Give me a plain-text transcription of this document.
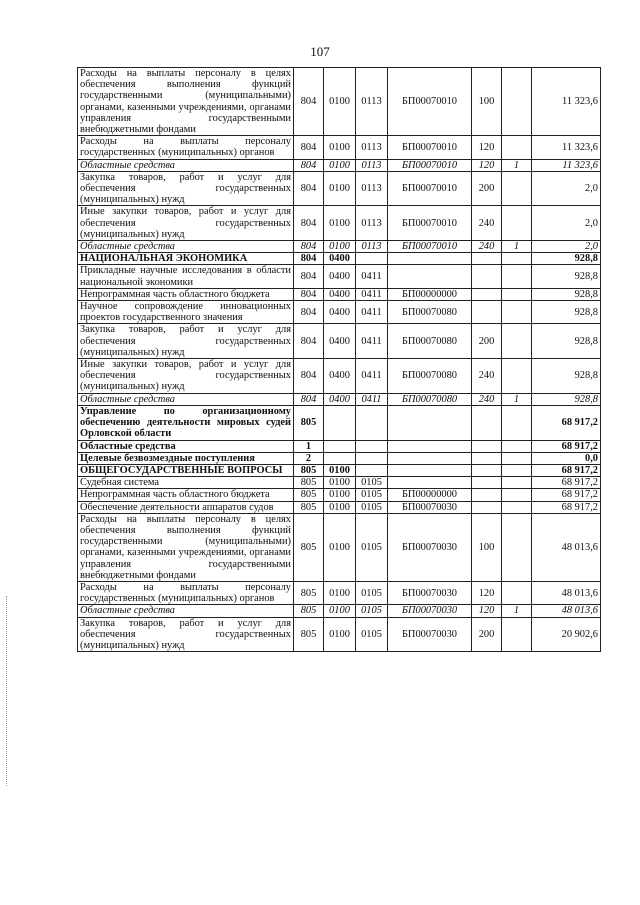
107
Расходы на выплаты персоналу в целях обеспечения выполнения функций государственными (муниципальными) органами, казенными учреждениями, органами управления государственными внебюджетными фондами	804	0100	0113	БП00070010	100		11 323,6
Расходы на выплаты персоналу государственных (муниципальных) органов	804	0100	0113	БП00070010	120		11 323,6
Областные средства	804	0100	0113	БП00070010	120	1	11 323,6
Закупка товаров, работ и услуг для обеспечения государственных (муниципальных) нужд	804	0100	0113	БП00070010	200		2,0
Иные закупки товаров, работ и услуг для обеспечения государственных (муниципальных) нужд	804	0100	0113	БП00070010	240		2,0
Областные средства	804	0100	0113	БП00070010	240	1	2,0
НАЦИОНАЛЬНАЯ ЭКОНОМИКА	804	0400					928,8
Прикладные научные исследования в области национальной экономики	804	0400	0411				928,8
Непрограммная часть областного бюджета	804	0400	0411	БП00000000			928,8
Научное сопровождение инновационных проектов государственного значения	804	0400	0411	БП00070080			928,8
Закупка товаров, работ и услуг для обеспечения государственных (муниципальных) нужд	804	0400	0411	БП00070080	200		928,8
Иные закупки товаров, работ и услуг для обеспечения государственных (муниципальных) нужд	804	0400	0411	БП00070080	240		928,8
Областные средства	804	0400	0411	БП00070080	240	1	928,8
Управление по организационному обеспечению деятельности мировых судей Орловской области	805						68 917,2
Областные средства	1						68 917,2
Целевые безвозмездные поступления	2						0,0
ОБЩЕГОСУДАРСТВЕННЫЕ ВОПРОСЫ	805	0100					68 917,2
Судебная система	805	0100	0105				68 917,2
Непрограммная часть областного бюджета	805	0100	0105	БП00000000			68 917,2
Обеспечение деятельности аппаратов судов	805	0100	0105	БП00070030			68 917,2
Расходы на выплаты персоналу в целях обеспечения выполнения функций государственными (муниципальными) органами, казенными учреждениями, органами управления государственными внебюджетными фондами	805	0100	0105	БП00070030	100		48 013,6
Расходы на выплаты персоналу государственных (муниципальных) органов	805	0100	0105	БП00070030	120		48 013,6
Областные средства	805	0100	0105	БП00070030	120	1	48 013,6
Закупка товаров, работ и услуг для обеспечения государственных (муниципальных) нужд	805	0100	0105	БП00070030	200		20 902,6
